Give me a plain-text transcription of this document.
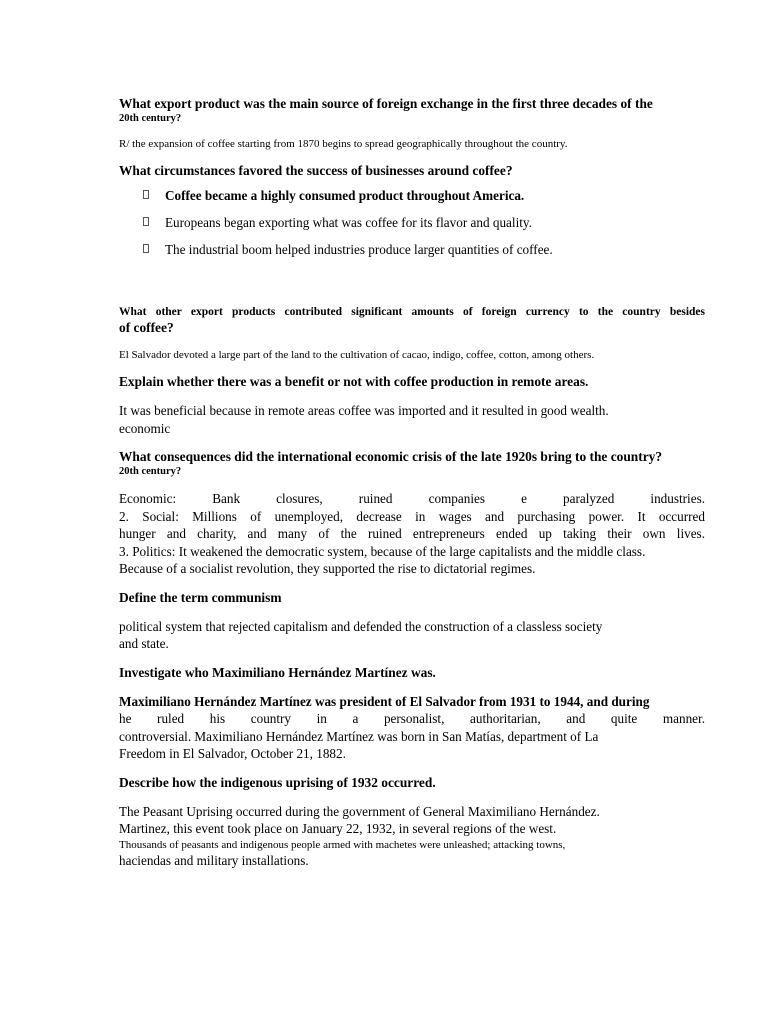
What export product was the main source of foreign exchange in the first three decades of the

20th century?

R/ the expansion of coffee starting from 1870 begins to spread geographically throughout the country.

What circumstances favored the success of businesses around coffee?

Coffee became a highly consumed product throughout America.
Europeans began exporting what was coffee for its flavor and quality.
The industrial boom helped industries produce larger quantities of coffee.

What other export products contributed significant amounts of foreign currency to the country besides

of coffee?

El Salvador devoted a large part of the land to the cultivation of cacao, indigo, coffee, cotton, among others.

Explain whether there was a benefit or not with coffee production in remote areas.

It was beneficial because in remote areas coffee was imported and it resulted in good wealth.

economic

What consequences did the international economic crisis of the late 1920s bring to the country?

20th century?

Economic: Bank closures, ruined companies e paralyzed industries.

2. Social: Millions of unemployed, decrease in wages and purchasing power. It occurred

hunger and charity, and many of the ruined entrepreneurs ended up taking their own lives.

3. Politics: It weakened the democratic system, because of the large capitalists and the middle class.

Because of a socialist revolution, they supported the rise to dictatorial regimes.

Define the term communism

political system that rejected capitalism and defended the construction of a classless society

and state.

Investigate who Maximiliano Hernández Martínez was.

Maximiliano Hernández Martínez was president of El Salvador from 1931 to 1944, and during

he ruled his country in a personalist, authoritarian, and quite manner.

controversial. Maximiliano Hernández Martínez was born in San Matías, department of La

Freedom in El Salvador, October 21, 1882.

Describe how the indigenous uprising of 1932 occurred.

The Peasant Uprising occurred during the government of General Maximiliano Hernández.

Martinez, this event took place on January 22, 1932, in several regions of the west.

Thousands of peasants and indigenous people armed with machetes were unleashed; attacking towns,

haciendas and military installations.
